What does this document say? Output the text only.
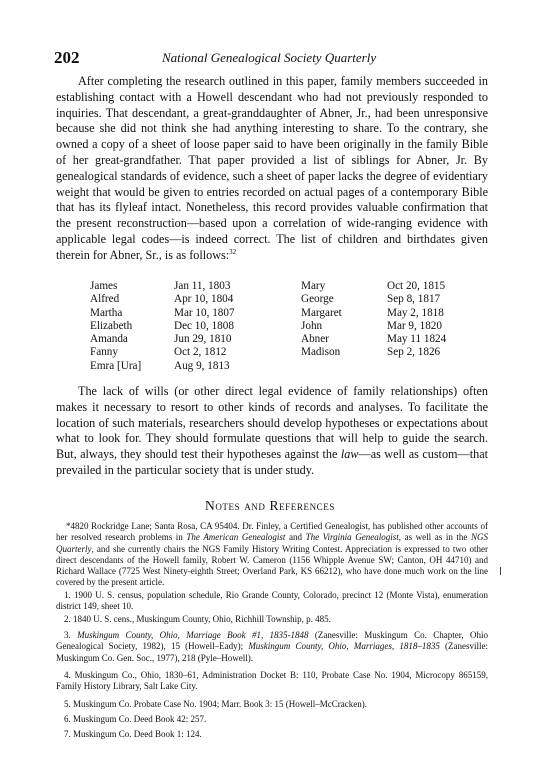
202	National Genealogical Society Quarterly

After completing the research outlined in this paper, family members succeeded in establishing contact with a Howell descendant who had not previously responded to inquiries. That descendant, a great-granddaughter of Abner, Jr., had been unresponsive because she did not think she had anything interesting to share. To the contrary, she owned a copy of a sheet of loose paper said to have been originally in the family Bible of her great-grandfather. That paper provided a list of siblings for Abner, Jr. By genealogical standards of evidence, such a sheet of paper lacks the degree of evidentiary weight that would be given to entries recorded on actual pages of a contemporary Bible that has its flyleaf intact. Nonetheless, this record provides valuable confirmation that the present reconstruction—based upon a correlation of wide-ranging evidence with applicable legal codes—is indeed correct. The list of children and birthdates given therein for Abner, Sr., is as follows:$^{32}$

James	Jan 11, 1803
Alfred	Apr 10, 1804
Martha	Mar 10, 1807
Elizabeth	Dec 10, 1808
Amanda	Jun 29, 1810
Fanny	Oct 2, 1812
Emra [Ura]	Aug 9, 1813
Mary	Oct 20, 1815
George	Sep 8, 1817
Margaret	May 2, 1818
John	Mar 9, 1820
Abner	May 11 1824
Madison	Sep 2, 1826

The lack of wills (or other direct legal evidence of family relationships) often makes it necessary to resort to other kinds of records and analyses. To facilitate the location of such materials, researchers should develop hypotheses or expectations about what to look for. They should formulate questions that will help to guide the search. But, always, they should test their hypotheses against the law—as well as custom—that prevailed in the particular society that is under study.

Notes and References

*4820 Rockridge Lane; Santa Rosa, CA 95404. Dr. Finley, a Certified Genealogist, has published other accounts of her resolved research problems in The American Genealogist and The Virginia Genealogist, as well as in the NGS Quarterly, and she currently chairs the NGS Family History Writing Contest. Appreciation is expressed to two other direct descendants of the Howell family, Robert W. Cameron (1156 Whipple Avenue SW; Canton, OH 44710) and Richard Wallace (7725 West Ninety-eighth Street; Overland Park, KS 66212), who have done much work on the line covered by the present article.

1. 1900 U. S. census, population schedule, Rio Grande County, Colorado, precinct 12 (Monte Vista), enumeration district 149, sheet 10.

2. 1840 U. S. cens., Muskingum County, Ohio, Richhill Township, p. 485.

3. Muskingum County, Ohio, Marriage Book #1, 1835-1848 (Zanesville: Muskingum Co. Chapter, Ohio Genealogical Society, 1982), 15 (Howell–Eady); Muskingum County, Ohio, Marriages, 1818–1835 (Zanesville: Muskingum Co. Gen. Soc., 1977), 218 (Pyle–Howell).

4. Muskingum Co., Ohio, 1830–61, Administration Docket B: 110, Probate Case No. 1904, Microcopy 865159, Family History Library, Salt Lake City.

5. Muskingum Co. Probate Case No. 1904; Marr. Book 3: 15 (Howell–McCracken).

6. Muskingum Co. Deed Book 42: 257.

7. Muskingum Co. Deed Book 1: 124.
